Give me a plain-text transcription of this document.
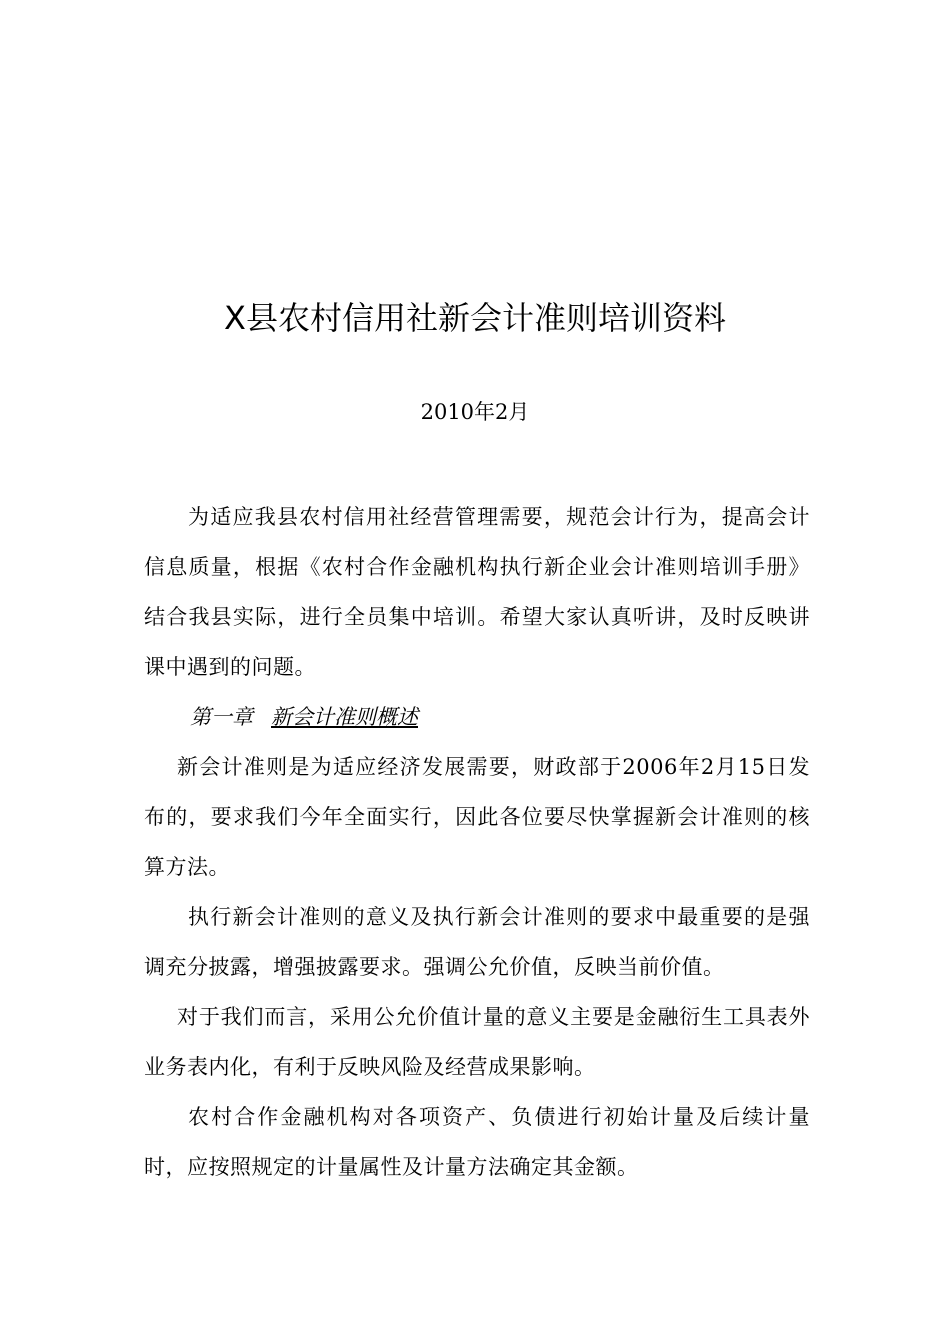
X县农村信用社新会计准则培训资料
2010年2月

为适应我县农村信用社经营管理需要，规范会计行为，提高会计信息质量，根据《农村合作金融机构执行新企业会计准则培训手册》结合我县实际，进行全员集中培训。希望大家认真听讲，及时反映讲课中遇到的问题。

第一章 新会计准则概述

新会计准则是为适应经济发展需要，财政部于2006年2月15日发布的，要求我们今年全面实行，因此各位要尽快掌握新会计准则的核算方法。

执行新会计准则的意义及执行新会计准则的要求中最重要的是强调充分披露，增强披露要求。强调公允价值，反映当前价值。

对于我们而言，采用公允价值计量的意义主要是金融衍生工具表外业务表内化，有利于反映风险及经营成果影响。

农村合作金融机构对各项资产、负债进行初始计量及后续计量时，应按照规定的计量属性及计量方法确定其金额。
